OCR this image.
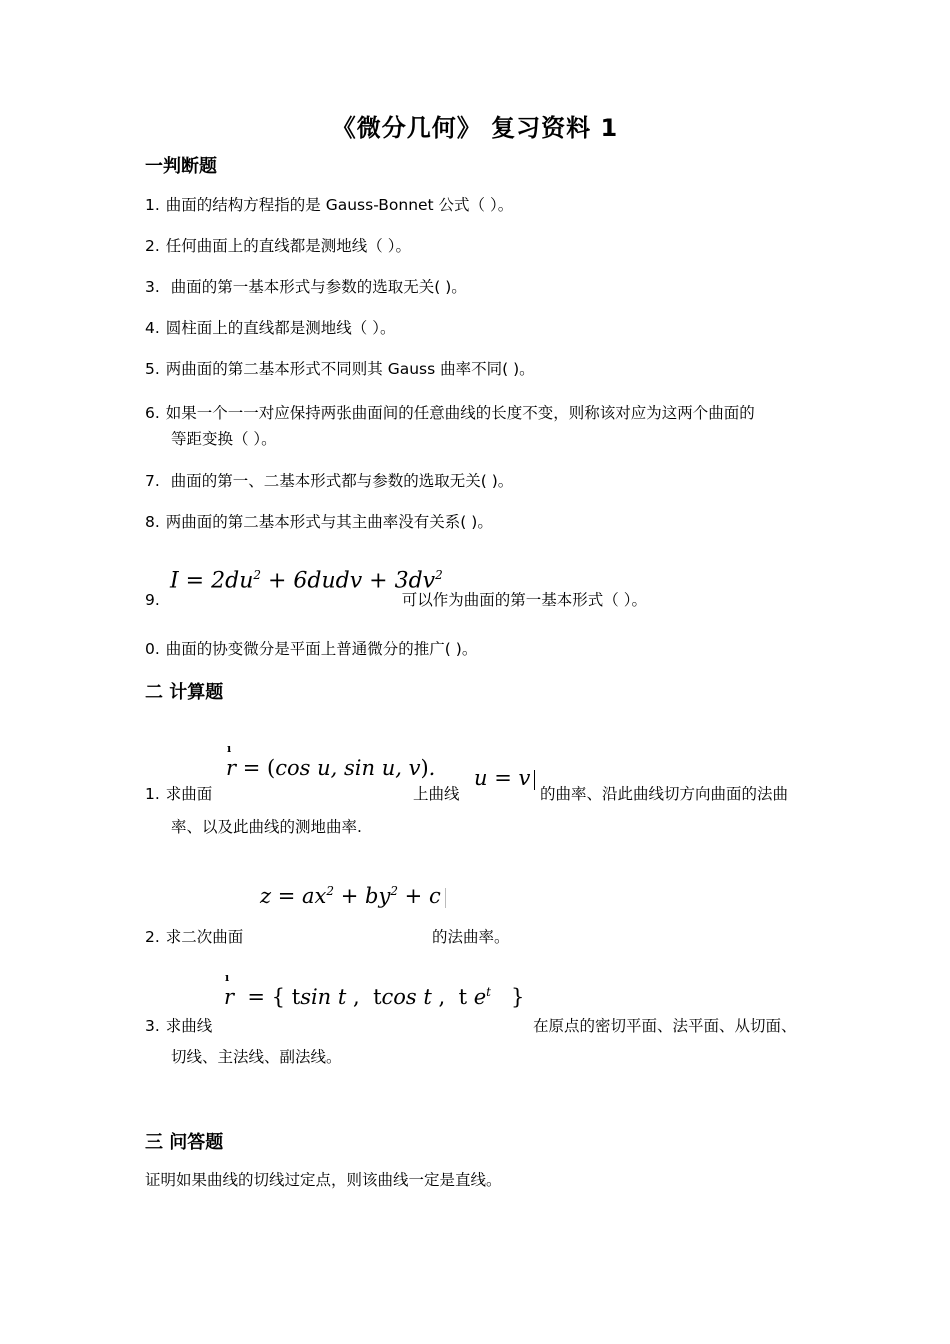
《微分几何》 复习资料 1
一判断题
1. 曲面的结构方程指的是 Gauss-Bonnet 公式（ ）。
2. 任何曲面上的直线都是测地线（ ）。
3. 曲面的第一基本形式与参数的选取无关( )。
4. 圆柱面上的直线都是测地线（ ）。
5. 两曲面的第二基本形式不同则其 Gauss 曲率不同( )。
6. 如果一个一一对应保持两张曲面间的任意曲线的长度不变，则称该对应为这两个曲面的
等距变换（ ）。
7. 曲面的第一、二基本形式都与参数的选取无关( )。
8. 两曲面的第二基本形式与其主曲率没有关系( )。
$I = 2du^2$ + 6dudv + $3dv^2$
9.	可以作为曲面的第一基本形式（ ）。
0. 曲面的协变微分是平面上普通微分的推广( )。
二 计算题
r
ı
= (cos u, sin u, v). u = v
1. 求曲面	上曲线	的曲率、沿此曲线切方向曲面的法曲
率、以及此曲线的测地曲率.
$z = ax^2 + by^2 + c$
2. 求二次曲面	的法曲率。
r
ı
= { tsin t , tcos t , t $e^t$ }
3. 求曲线	在原点的密切平面、法平面、从切面、
切线、主法线、副法线。
三 问答题
证明如果曲线的切线过定点，则该曲线一定是直线。
